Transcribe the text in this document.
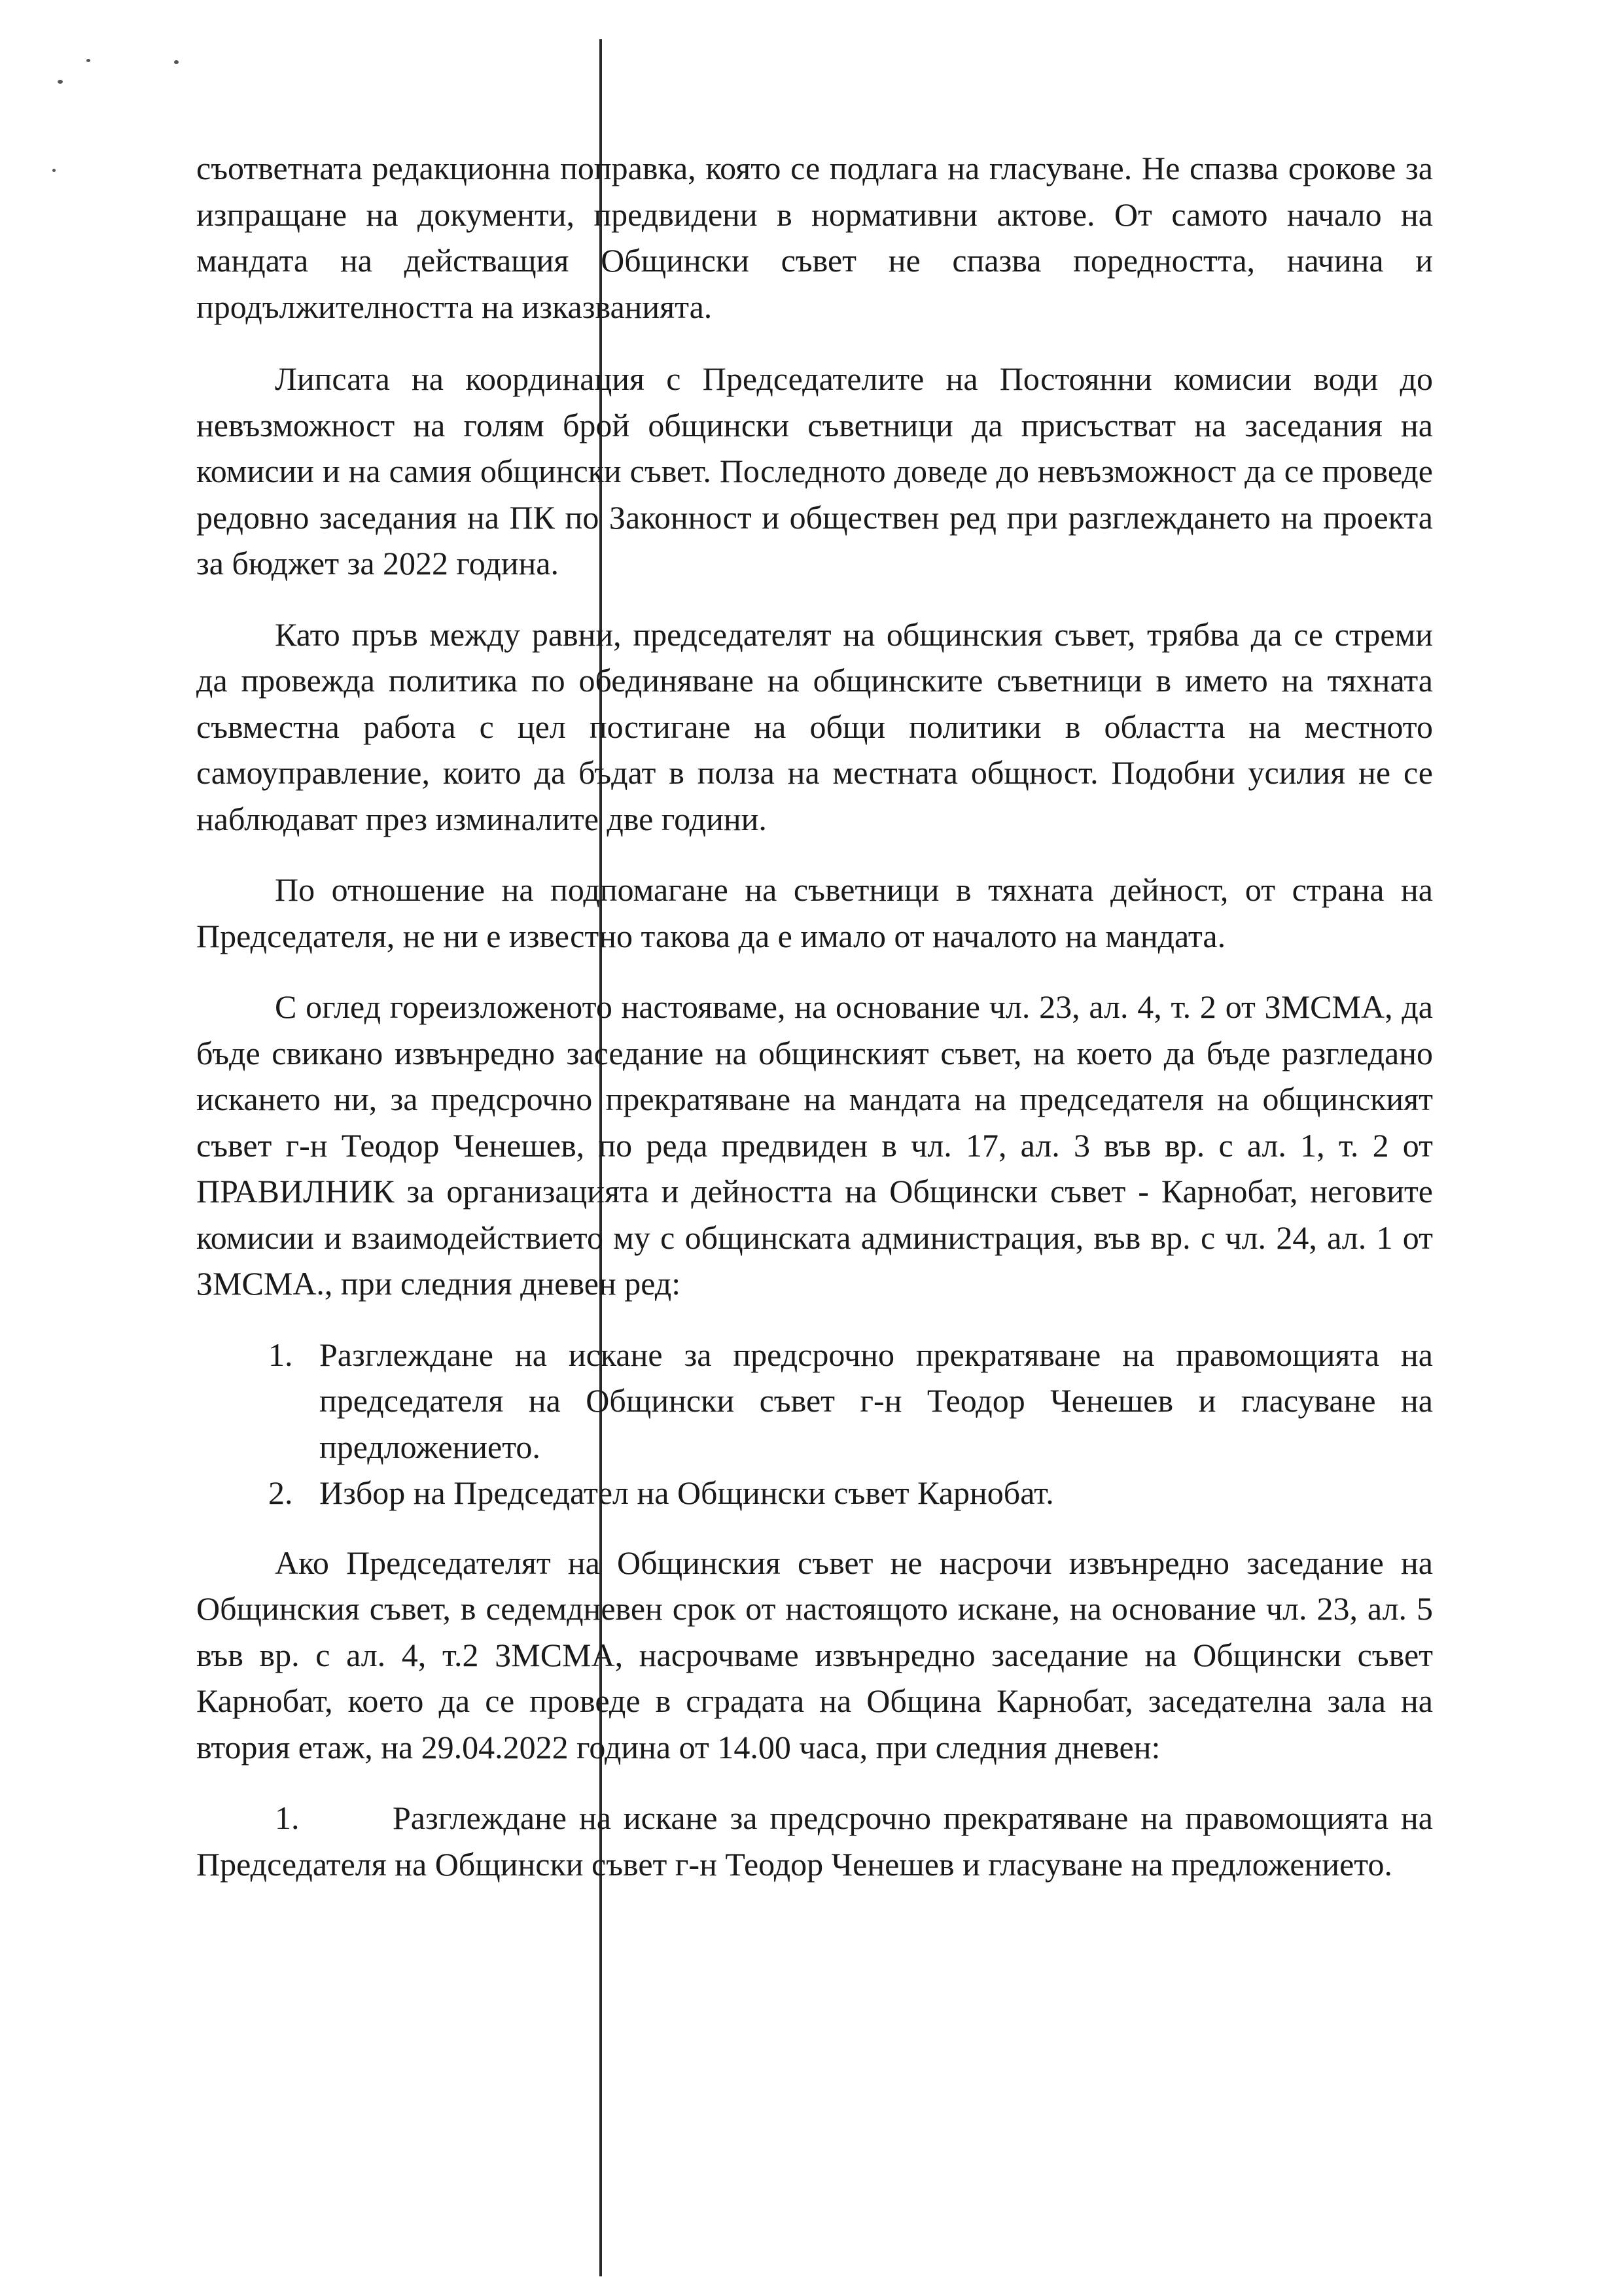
съответната редакционна поправка, която се подлага на гласуване. Не спазва срокове за изпращане на документи, предвидени в нормативни актове. От самото начало на мандата на действащия Общински съвет не спазва поредността, начина и продължителността на изказванията.

Липсата на координация с Председателите на Постоянни комисии води до невъзможност на голям брой общински съветници да присъстват на заседания на комисии и на самия общински съвет. Последното доведе до невъзможност да се проведе редовно заседания на ПК по Законност и обществен ред при разглеждането на проекта за бюджет за 2022 година.

Като пръв между равни, председателят на общинския съвет, трябва да се стреми да провежда политика по обединяване на общинските съветници в името на тяхната съвместна работа с цел постигане на общи политики в областта на местното самоуправление, които да бъдат в полза на местната общност. Подобни усилия не се наблюдават през изминалите две години.

По отношение на подпомагане на съветници в тяхната дейност, от страна на Председателя, не ни е известно такова да е имало от началото на мандата.

С оглед гореизложеното настояваме, на основание чл. 23, ал. 4, т. 2 от ЗМСМА, да бъде свикано извънредно заседание на общинският съвет, на което да бъде разгледано искането ни, за предсрочно прекратяване на мандата на председателя на общинският съвет г-н Теодор Ченешев, по реда предвиден в чл. 17, ал. 3 във вр. с ал. 1, т. 2 от ПРАВИЛНИК за организацията и дейността на Общински съвет - Карнобат, неговите комисии и взаимодействието му с общинската администрация, във вр. с чл. 24, ал. 1 от ЗМСМА., при следния дневен ред:

1. Разглеждане на искане за предсрочно прекратяване на правомощията на председателя на Общински съвет г-н Теодор Ченешев и гласуване на предложението.
2. Избор на Председател на Общински съвет Карнобат.

Ако Председателят на Общинския съвет не насрочи извънредно заседание на Общинския съвет, в седемдневен срок от настоящото искане, на основание чл. 23, ал. 5 във вр. с ал. 4, т.2 ЗМСМА, насрочваме извънредно заседание на Общински съвет Карнобат, което да се проведе в сградата на Община Карнобат, заседателна зала на втория етаж, на 29.04.2022 година от 14.00 часа, при следния дневен:

1.	Разглеждане на искане за предсрочно прекратяване на правомощията на Председателя на Общински съвет г-н Теодор Ченешев и гласуване на предложението.
